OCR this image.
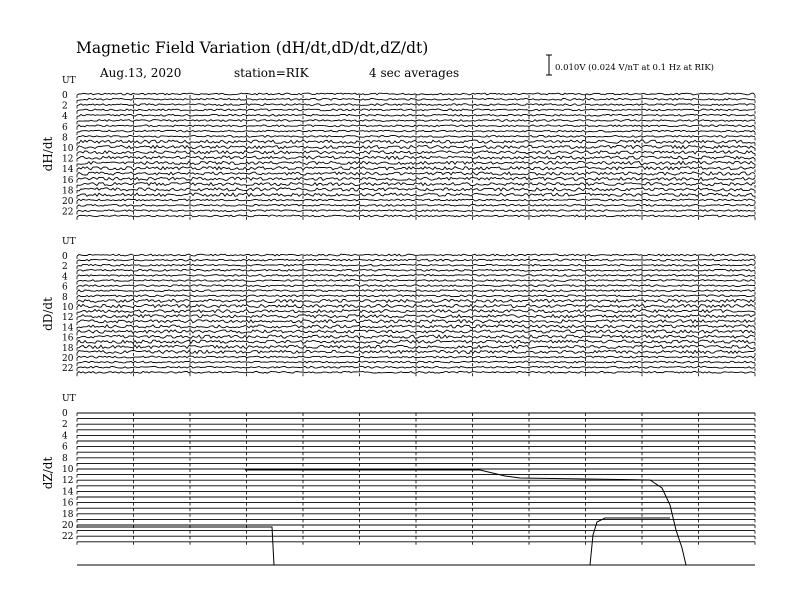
Magnetic Field Variation (dH/dt,dD/dt,dZ/dt)
Aug.13, 2020	station=RIK	4 sec averages	0.010V (0.024 V/nT at 0.1 Hz at RIK)
UT
dH/dt
0
2
4
6
8
10
12
14
16
18
20
22
UT
dD/dt
0
2
4
6
8
10
12
14
16
18
20
22
UT
dZ/dt
0
2
4
6
8
10
12
14
16
18
20
22
